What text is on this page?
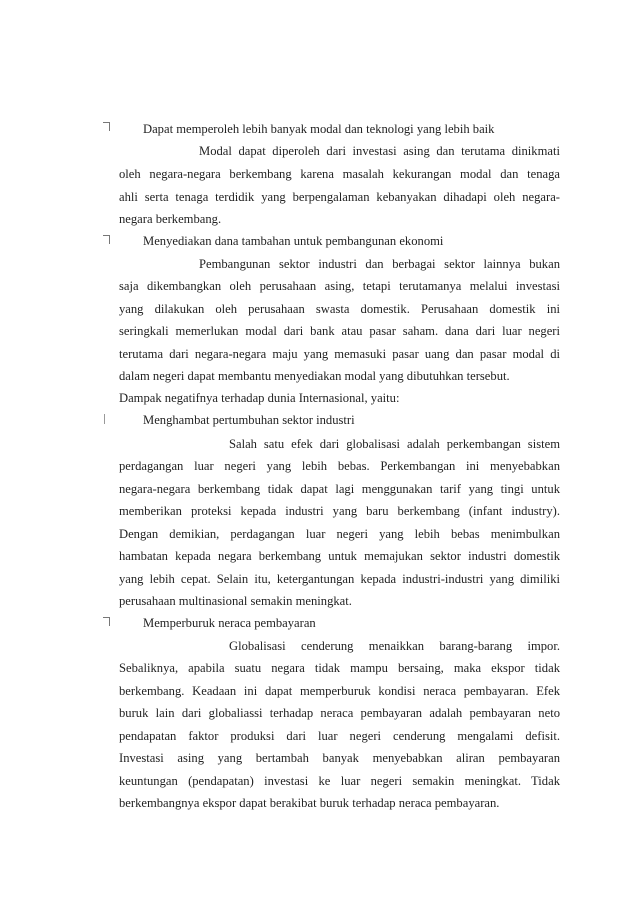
Dapat memperoleh lebih banyak modal dan teknologi yang lebih baik
Modal dapat diperoleh dari investasi asing dan terutama dinikmati
oleh negara-negara berkembang karena masalah kekurangan modal dan tenaga
ahli serta tenaga terdidik yang berpengalaman kebanyakan dihadapi oleh negara-
negara berkembang.
Menyediakan dana tambahan untuk pembangunan ekonomi
Pembangunan sektor industri dan berbagai sektor lainnya bukan
saja dikembangkan oleh perusahaan asing, tetapi terutamanya melalui investasi
yang dilakukan oleh perusahaan swasta domestik. Perusahaan domestik ini
seringkali memerlukan modal dari bank atau pasar saham. dana dari luar negeri
terutama dari negara-negara maju yang memasuki pasar uang dan pasar modal di
dalam negeri dapat membantu menyediakan modal yang dibutuhkan tersebut.
Dampak negatifnya terhadap dunia Internasional, yaitu:
Menghambat pertumbuhan sektor industri
Salah satu efek dari globalisasi adalah perkembangan sistem
perdagangan luar negeri yang lebih bebas. Perkembangan ini menyebabkan
negara-negara berkembang tidak dapat lagi menggunakan tarif yang tingi untuk
memberikan proteksi kepada industri yang baru berkembang (infant industry).
Dengan demikian, perdagangan luar negeri yang lebih bebas menimbulkan
hambatan kepada negara berkembang untuk memajukan sektor industri domestik
yang lebih cepat. Selain itu, ketergantungan kepada industri-industri yang dimiliki
perusahaan multinasional semakin meningkat.
Memperburuk neraca pembayaran
Globalisasi cenderung menaikkan barang-barang impor.
Sebaliknya, apabila suatu negara tidak mampu bersaing, maka ekspor tidak
berkembang. Keadaan ini dapat memperburuk kondisi neraca pembayaran. Efek
buruk lain dari globaliassi terhadap neraca pembayaran adalah pembayaran neto
pendapatan faktor produksi dari luar negeri cenderung mengalami defisit.
Investasi asing yang bertambah banyak menyebabkan aliran pembayaran
keuntungan (pendapatan) investasi ke luar negeri semakin meningkat. Tidak
berkembangnya ekspor dapat berakibat buruk terhadap neraca pembayaran.
